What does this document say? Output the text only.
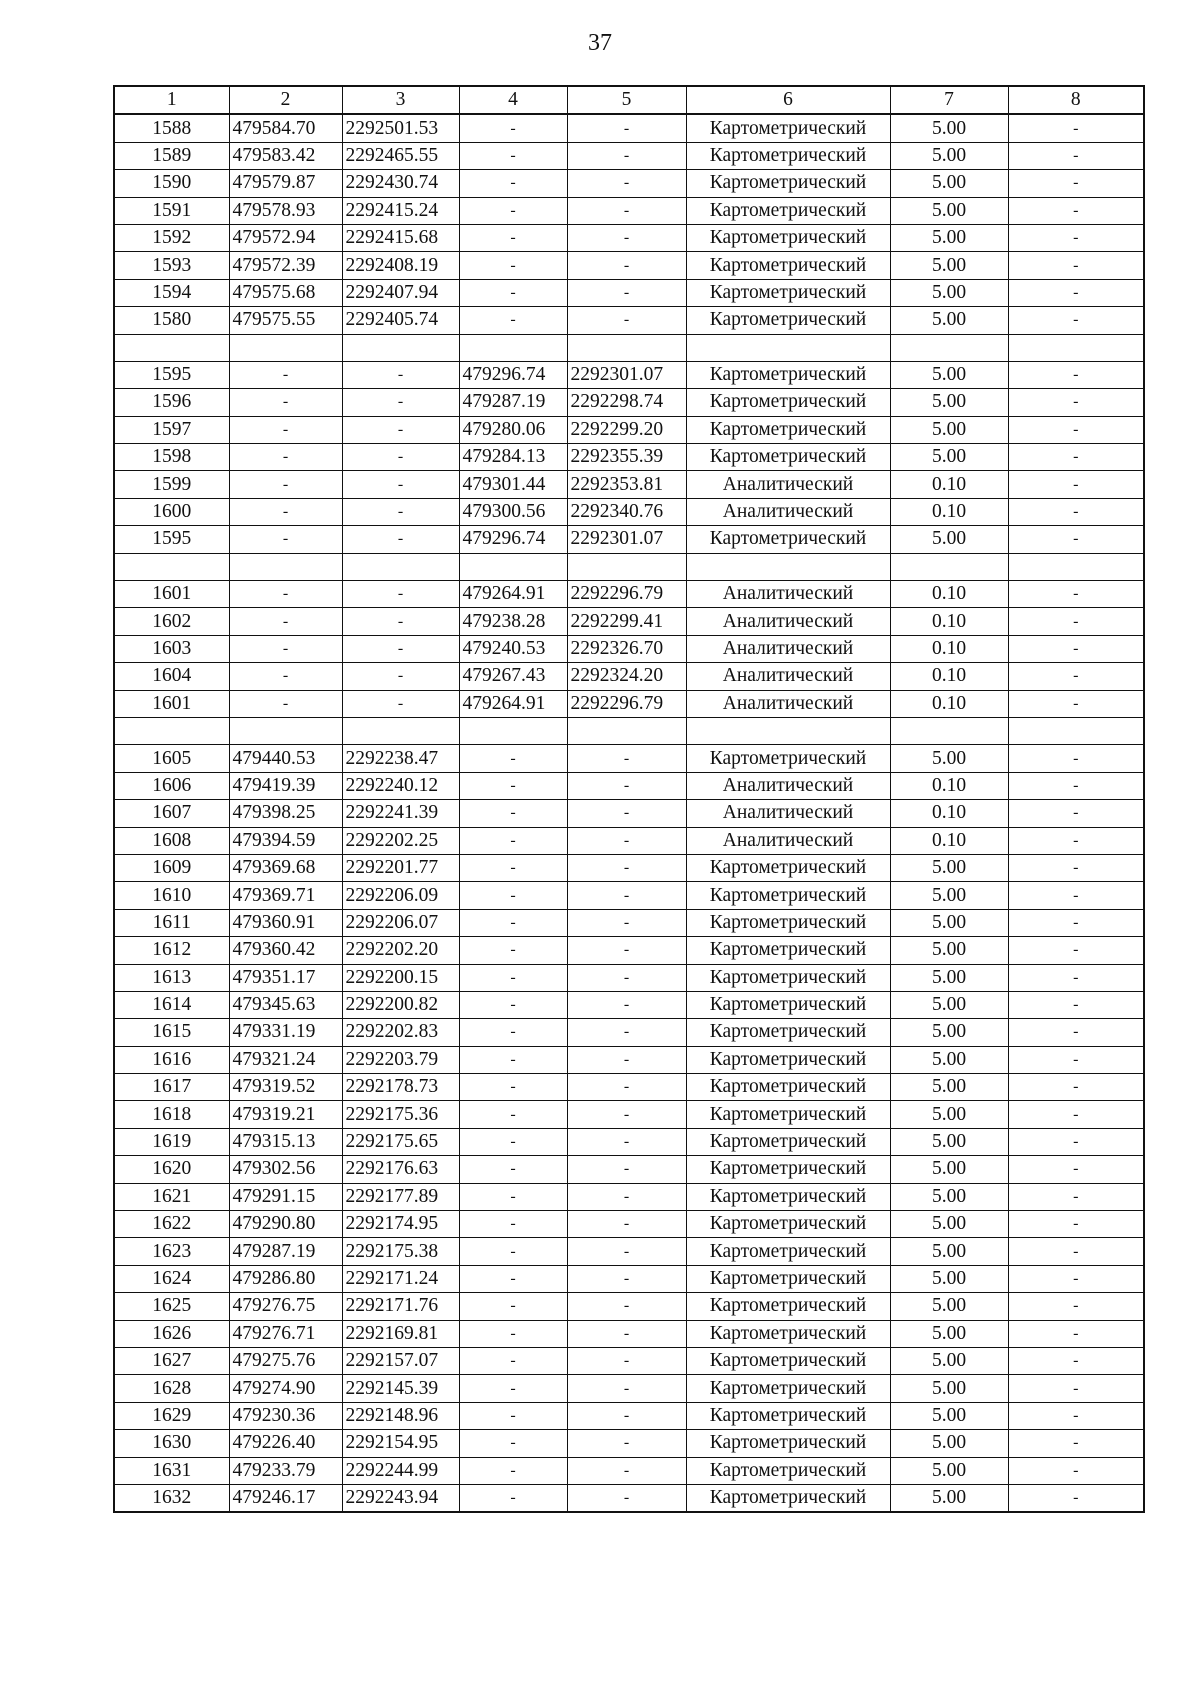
37
1	2	3	4	5	6	7	8
1588	479584.70	2292501.53	-	-	Картометрический	5.00	-
1589	479583.42	2292465.55	-	-	Картометрический	5.00	-
1590	479579.87	2292430.74	-	-	Картометрический	5.00	-
1591	479578.93	2292415.24	-	-	Картометрический	5.00	-
1592	479572.94	2292415.68	-	-	Картометрический	5.00	-
1593	479572.39	2292408.19	-	-	Картометрический	5.00	-
1594	479575.68	2292407.94	-	-	Картометрический	5.00	-
1580	479575.55	2292405.74	-	-	Картометрический	5.00	-

1595	-	-	479296.74	2292301.07	Картометрический	5.00	-
1596	-	-	479287.19	2292298.74	Картометрический	5.00	-
1597	-	-	479280.06	2292299.20	Картометрический	5.00	-
1598	-	-	479284.13	2292355.39	Картометрический	5.00	-
1599	-	-	479301.44	2292353.81	Аналитический	0.10	-
1600	-	-	479300.56	2292340.76	Аналитический	0.10	-
1595	-	-	479296.74	2292301.07	Картометрический	5.00	-

1601	-	-	479264.91	2292296.79	Аналитический	0.10	-
1602	-	-	479238.28	2292299.41	Аналитический	0.10	-
1603	-	-	479240.53	2292326.70	Аналитический	0.10	-
1604	-	-	479267.43	2292324.20	Аналитический	0.10	-
1601	-	-	479264.91	2292296.79	Аналитический	0.10	-

1605	479440.53	2292238.47	-	-	Картометрический	5.00	-
1606	479419.39	2292240.12	-	-	Аналитический	0.10	-
1607	479398.25	2292241.39	-	-	Аналитический	0.10	-
1608	479394.59	2292202.25	-	-	Аналитический	0.10	-
1609	479369.68	2292201.77	-	-	Картометрический	5.00	-
1610	479369.71	2292206.09	-	-	Картометрический	5.00	-
1611	479360.91	2292206.07	-	-	Картометрический	5.00	-
1612	479360.42	2292202.20	-	-	Картометрический	5.00	-
1613	479351.17	2292200.15	-	-	Картометрический	5.00	-
1614	479345.63	2292200.82	-	-	Картометрический	5.00	-
1615	479331.19	2292202.83	-	-	Картометрический	5.00	-
1616	479321.24	2292203.79	-	-	Картометрический	5.00	-
1617	479319.52	2292178.73	-	-	Картометрический	5.00	-
1618	479319.21	2292175.36	-	-	Картометрический	5.00	-
1619	479315.13	2292175.65	-	-	Картометрический	5.00	-
1620	479302.56	2292176.63	-	-	Картометрический	5.00	-
1621	479291.15	2292177.89	-	-	Картометрический	5.00	-
1622	479290.80	2292174.95	-	-	Картометрический	5.00	-
1623	479287.19	2292175.38	-	-	Картометрический	5.00	-
1624	479286.80	2292171.24	-	-	Картометрический	5.00	-
1625	479276.75	2292171.76	-	-	Картометрический	5.00	-
1626	479276.71	2292169.81	-	-	Картометрический	5.00	-
1627	479275.76	2292157.07	-	-	Картометрический	5.00	-
1628	479274.90	2292145.39	-	-	Картометрический	5.00	-
1629	479230.36	2292148.96	-	-	Картометрический	5.00	-
1630	479226.40	2292154.95	-	-	Картометрический	5.00	-
1631	479233.79	2292244.99	-	-	Картометрический	5.00	-
1632	479246.17	2292243.94	-	-	Картометрический	5.00	-
